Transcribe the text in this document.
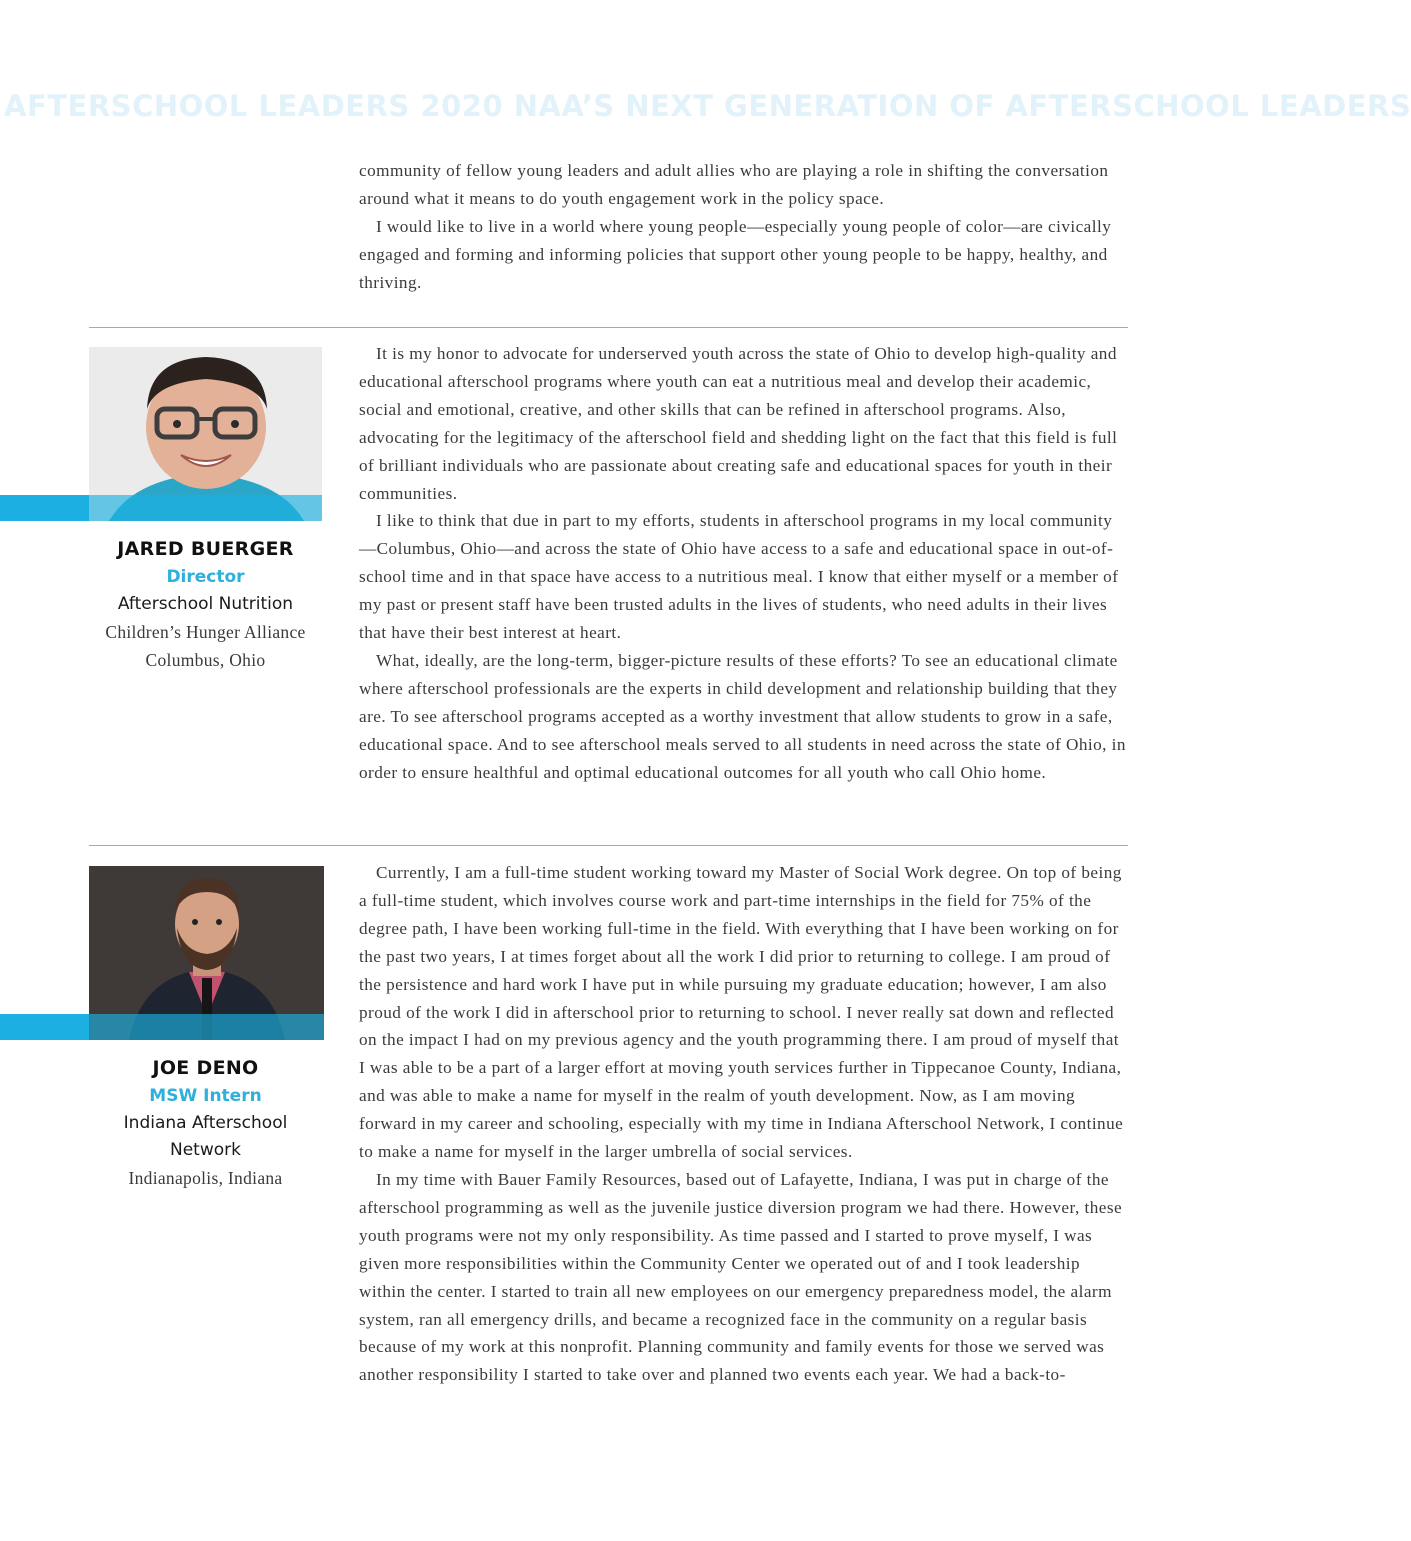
AFTERSCHOOL LEADERS 2020 NAA’S NEXT GENERATION OF AFTERSCHOOL LEADERS

community of fellow young leaders and adult allies who are playing a role in shifting the conversation around what it means to do youth engagement work in the policy space.

I would like to live in a world where young people—especially young people of color—are civically engaged and forming and informing policies that support other young people to be happy, healthy, and thriving.

JARED BUERGER
Director
Afterschool Nutrition
Children’s Hunger Alliance
Columbus, Ohio

It is my honor to advocate for underserved youth across the state of Ohio to develop high-quality and educational afterschool programs where youth can eat a nutritious meal and develop their academic, social and emotional, creative, and other skills that can be refined in afterschool programs. Also, advocating for the legitimacy of the afterschool field and shedding light on the fact that this field is full of brilliant individuals who are passionate about creating safe and educational spaces for youth in their communities.

I like to think that due in part to my efforts, students in afterschool programs in my local community—Columbus, Ohio—and across the state of Ohio have access to a safe and educational space in out-of-school time and in that space have access to a nutritious meal. I know that either myself or a member of my past or present staff have been trusted adults in the lives of students, who need adults in their lives that have their best interest at heart.

What, ideally, are the long-term, bigger-picture results of these efforts? To see an educational climate where afterschool professionals are the experts in child development and relationship building that they are. To see afterschool programs accepted as a worthy investment that allow students to grow in a safe, educational space. And to see afterschool meals served to all students in need across the state of Ohio, in order to ensure healthful and optimal educational outcomes for all youth who call Ohio home.

JOE DENO
MSW Intern
Indiana Afterschool
Network
Indianapolis, Indiana

Currently, I am a full-time student working toward my Master of Social Work degree. On top of being a full-time student, which involves course work and part-time internships in the field for 75% of the degree path, I have been working full-time in the field. With everything that I have been working on for the past two years, I at times forget about all the work I did prior to returning to college. I am proud of the persistence and hard work I have put in while pursuing my graduate education; however, I am also proud of the work I did in afterschool prior to returning to school. I never really sat down and reflected on the impact I had on my previous agency and the youth programming there. I am proud of myself that I was able to be a part of a larger effort at moving youth services further in Tippecanoe County, Indiana, and was able to make a name for myself in the realm of youth development. Now, as I am moving forward in my career and schooling, especially with my time in Indiana Afterschool Network, I continue to make a name for myself in the larger umbrella of social services.

In my time with Bauer Family Resources, based out of Lafayette, Indiana, I was put in charge of the afterschool programming as well as the juvenile justice diversion program we had there. However, these youth programs were not my only responsibility. As time passed and I started to prove myself, I was given more responsibilities within the Community Center we operated out of and I took leadership within the center. I started to train all new employees on our emergency preparedness model, the alarm system, ran all emergency drills, and became a recognized face in the community on a regular basis because of my work at this nonprofit. Planning community and family events for those we served was another responsibility I started to take over and planned two events each year. We had a back-to-
